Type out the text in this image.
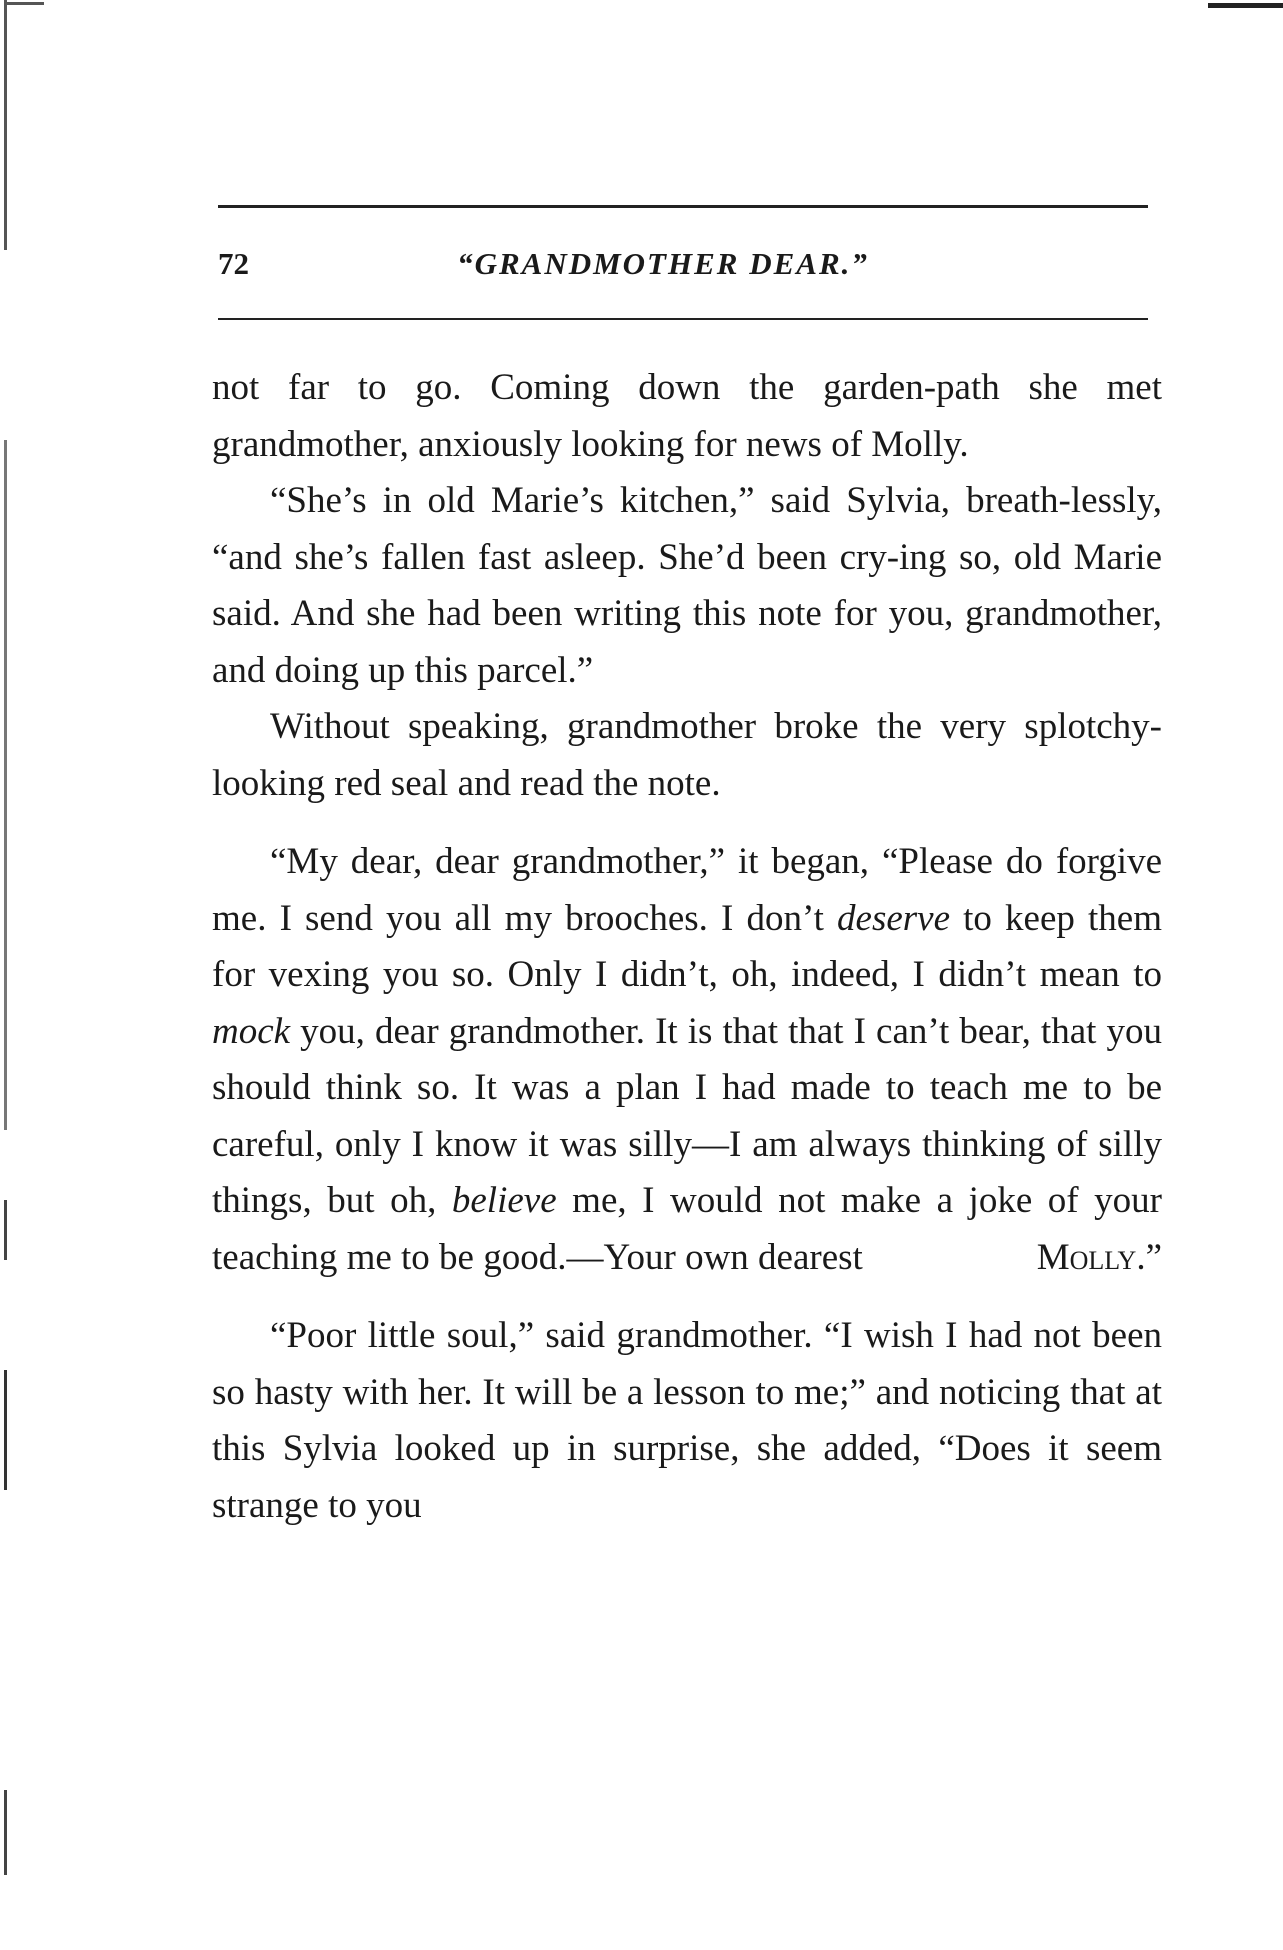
72	“GRANDMOTHER DEAR.”

not far to go. Coming down the garden-path she met grandmother, anxiously looking for news of Molly.

“She’s in old Marie’s kitchen,” said Sylvia, breath-lessly, “and she’s fallen fast asleep. She’d been cry-ing so, old Marie said. And she had been writing this note for you, grandmother, and doing up this parcel.”

Without speaking, grandmother broke the very splotchy-looking red seal and read the note.

“My dear, dear grandmother,” it began, “Please do forgive me. I send you all my brooches. I don’t deserve to keep them for vexing you so. Only I didn’t, oh, indeed, I didn’t mean to mock you, dear grandmother. It is that that I can’t bear, that you should think so. It was a plan I had made to teach me to be careful, only I know it was silly—I am always thinking of silly things, but oh, believe me, I would not make a joke of your teaching me to be good.—Your own dearest	Molly.”

“Poor little soul,” said grandmother. “I wish I had not been so hasty with her. It will be a lesson to me;” and noticing that at this Sylvia looked up in surprise, she added, “Does it seem strange to you
